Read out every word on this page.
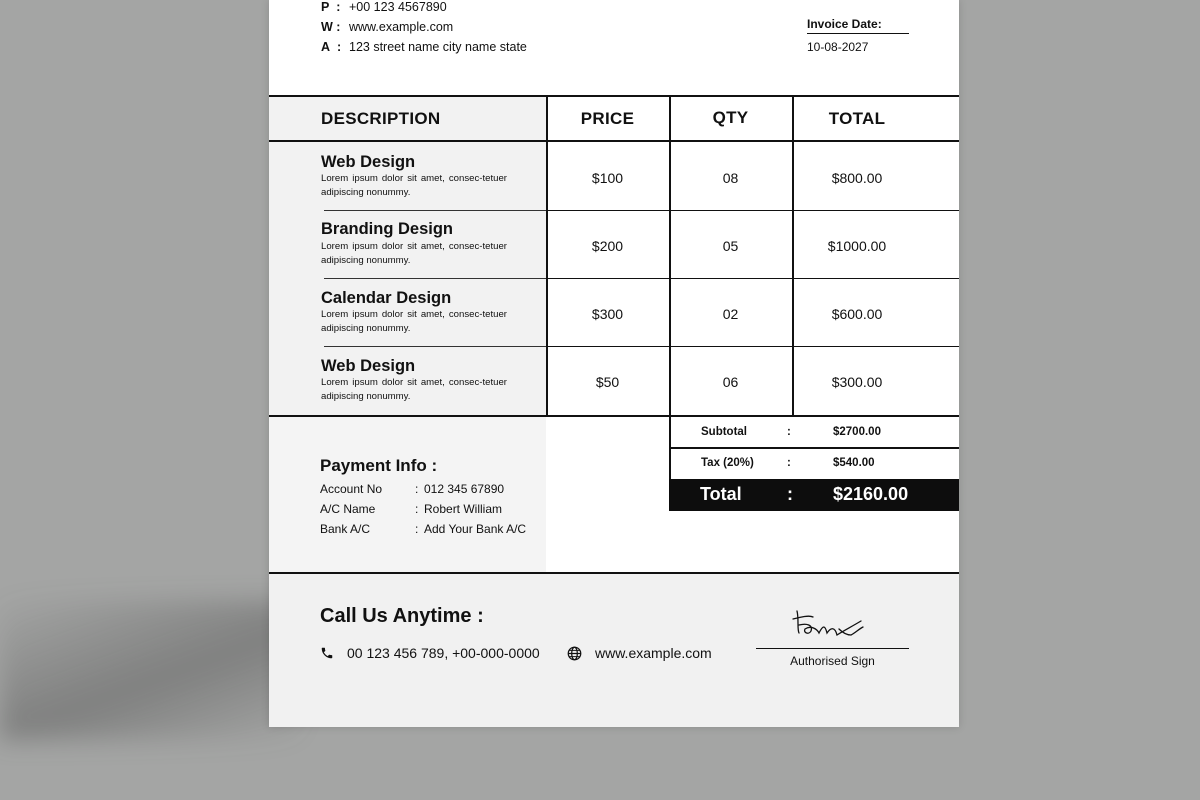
P : +00 123 4567890
W : www.example.com
A : 123 street name city name state
Invoice Date:
10-08-2027
DESCRIPTION	PRICE	QTY	TOTAL
Web Design
Lorem ipsum dolor sit amet, consec-tetuer adipiscing nonummy.
$100	08	$800.00
Branding Design
Lorem ipsum dolor sit amet, consec-tetuer adipiscing nonummy.
$200	05	$1000.00
Calendar Design
Lorem ipsum dolor sit amet, consec-tetuer adipiscing nonummy.
$300	02	$600.00
Web Design
Lorem ipsum dolor sit amet, consec-tetuer adipiscing nonummy.
$50	06	$300.00
Payment Info :
Account No	: 012 345 67890
A/C Name	: Robert William
Bank A/C	: Add Your Bank A/C
Subtotal	:	$2700.00
Tax (20%)	:	$540.00
Total	: $2160.00
Call Us Anytime :
00 123 456 789, +00-000-0000	www.example.com	Authorised Sign
